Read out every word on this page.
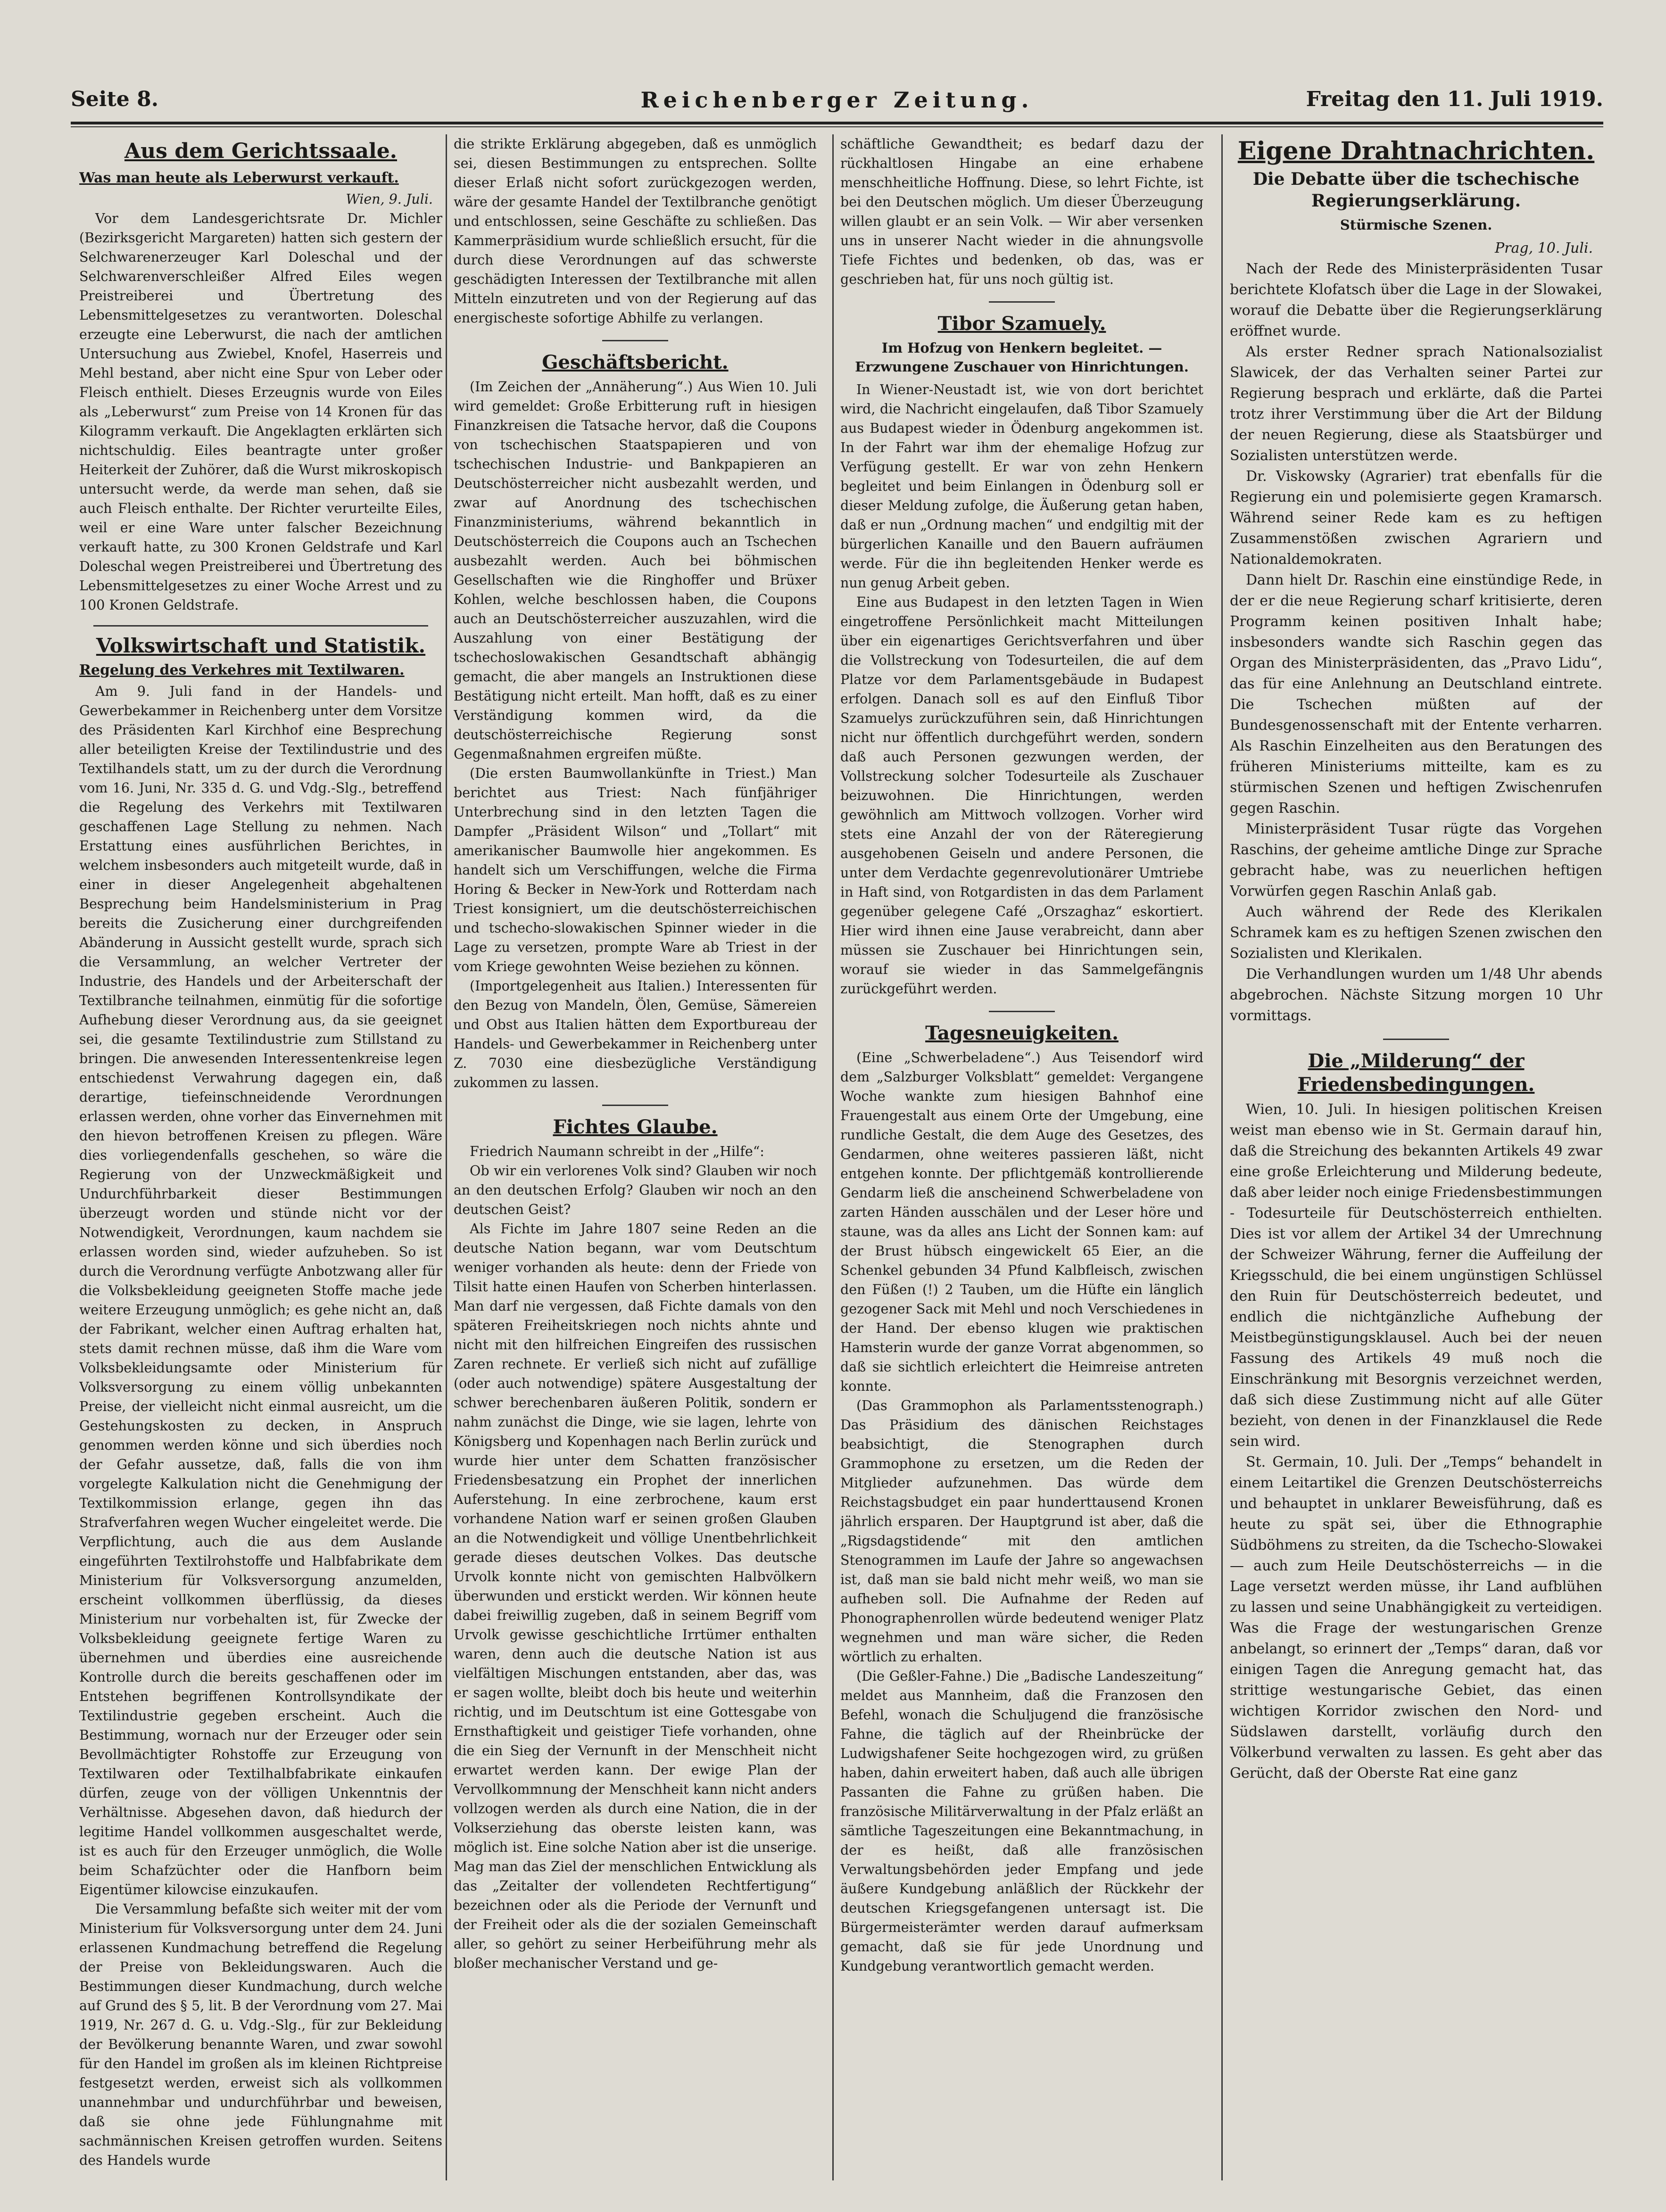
Seite 8.	Reichenberger Zeitung.	Freitag den 11. Juli 1919.
Aus dem Gerichtssaale.
Was man heute als Leberwurst verkauft.

Wien, 9. Juli.

Vor dem Landesgerichtsrate Dr. Michler (Bezirksgericht Margareten) hatten sich gestern der Selchwarenerzeuger Karl Doleschal und der Selchwarenverschleißer Alfred Eiles wegen Preistreiberei und Übertretung des Lebensmittelgesetzes zu verantworten. Doleschal erzeugte eine Leberwurst, die nach der amtlichen Untersuchung aus Zwiebel, Knofel, Haserreis und Mehl bestand, aber nicht eine Spur von Leber oder Fleisch enthielt. Dieses Erzeugnis wurde von Eiles als „Leberwurst“ zum Preise von 14 Kronen für das Kilogramm verkauft. Die Angeklagten erklärten sich nichtschuldig. Eiles beantragte unter großer Heiterkeit der Zuhörer, daß die Wurst mikroskopisch untersucht werde, da werde man sehen, daß sie auch Fleisch enthalte. Der Richter verurteilte Eiles, weil er eine Ware unter falscher Bezeichnung verkauft hatte, zu 300 Kronen Geldstrafe und Karl Doleschal wegen Preistreiberei und Übertretung des Lebensmittelgesetzes zu einer Woche Arrest und zu 100 Kronen Geldstrafe.

Volkswirtschaft und Statistik.
Regelung des Verkehres mit Textilwaren.

Am 9. Juli fand in der Handels- und Gewerbekammer in Reichenberg unter dem Vorsitze des Präsidenten Karl Kirchhof eine Besprechung aller beteiligten Kreise der Textilindustrie und des Textilhandels statt, um zu der durch die Verordnung vom 16. Juni, Nr. 335 d. G. und Vdg.-Slg., betreffend die Regelung des Verkehrs mit Textilwaren geschaffenen Lage Stellung zu nehmen. Nach Erstattung eines ausführlichen Berichtes, in welchem insbesonders auch mitgeteilt wurde, daß in einer in dieser Angelegenheit abgehaltenen Besprechung beim Handelsministerium in Prag bereits die Zusicherung einer durchgreifenden Abänderung in Aussicht gestellt wurde, sprach sich die Versammlung, an welcher Vertreter der Industrie, des Handels und der Arbeiterschaft der Textilbranche teilnahmen, einmütig für die sofortige Aufhebung dieser Verordnung aus, da sie geeignet sei, die gesamte Textilindustrie zum Stillstand zu bringen. Die anwesenden Interessentenkreise legen entschiedenst Verwahrung dagegen ein, daß derartige, tiefeinschneidende Verordnungen erlassen werden, ohne vorher das Einvernehmen mit den hievon betroffenen Kreisen zu pflegen. Wäre dies vorliegendenfalls geschehen, so wäre die Regierung von der Unzweckmäßigkeit und Undurchführbarkeit dieser Bestimmungen überzeugt worden und stünde nicht vor der Notwendigkeit, Verordnungen, kaum nachdem sie erlassen worden sind, wieder aufzuheben. So ist durch die Verordnung verfügte Anbotzwang aller für die Volksbekleidung geeigneten Stoffe mache jede weitere Erzeugung unmöglich; es gehe nicht an, daß der Fabrikant, welcher einen Auftrag erhalten hat, stets damit rechnen müsse, daß ihm die Ware vom Volksbekleidungsamte oder Ministerium für Volksversorgung zu einem völlig unbekannten Preise, der vielleicht nicht einmal ausreicht, um die Gestehungskosten zu decken, in Anspruch genommen werden könne und sich überdies noch der Gefahr aussetze, daß, falls die von ihm vorgelegte Kalkulation nicht die Genehmigung der Textilkommission erlange, gegen ihn das Strafverfahren wegen Wucher eingeleitet werde. Die Verpflichtung, auch die aus dem Auslande eingeführten Textilrohstoffe und Halbfabrikate dem Ministerium für Volksversorgung anzumelden, erscheint vollkommen überflüssig, da dieses Ministerium nur vorbehalten ist, für Zwecke der Volksbekleidung geeignete fertige Waren zu übernehmen und überdies eine ausreichende Kontrolle durch die bereits geschaffenen oder im Entstehen begriffenen Kontrollsyndikate der Textilindustrie gegeben erscheint. Auch die Bestimmung, wornach nur der Erzeuger oder sein Bevollmächtigter Rohstoffe zur Erzeugung von Textilwaren oder Textilhalbfabrikate einkaufen dürfen, zeuge von der völligen Unkenntnis der Verhältnisse. Abgesehen davon, daß hiedurch der legitime Handel vollkommen ausgeschaltet werde, ist es auch für den Erzeuger unmöglich, die Wolle beim Schafzüchter oder die Hanfborn beim Eigentümer kilowcise einzukaufen.

Die Versammlung befaßte sich weiter mit der vom Ministerium für Volksversorgung unter dem 24. Juni erlassenen Kundmachung betreffend die Regelung der Preise von Bekleidungswaren. Auch die Bestimmungen dieser Kundmachung, durch welche auf Grund des § 5, lit. B der Verordnung vom 27. Mai 1919, Nr. 267 d. G. u. Vdg.-Slg., für zur Bekleidung der Bevölkerung benannte Waren, und zwar sowohl für den Handel im großen als im kleinen Richtpreise festgesetzt werden, erweist sich als vollkommen unannehmbar und undurchführbar und beweisen, daß sie ohne jede Fühlungnahme mit sachmännischen Kreisen getroffen wurden. Seitens des Handels wurde

die strikte Erklärung abgegeben, daß es unmöglich sei, diesen Bestimmungen zu entsprechen. Sollte dieser Erlaß nicht sofort zurückgezogen werden, wäre der gesamte Handel der Textilbranche genötigt und entschlossen, seine Geschäfte zu schließen. Das Kammerpräsidium wurde schließlich ersucht, für die durch diese Verordnungen auf das schwerste geschädigten Interessen der Textilbranche mit allen Mitteln einzutreten und von der Regierung auf das energischeste sofortige Abhilfe zu verlangen.

Geschäftsbericht.

(Im Zeichen der „Annäherung“.) Aus Wien 10. Juli wird gemeldet: Große Erbitterung ruft in hiesigen Finanzkreisen die Tatsache hervor, daß die Coupons von tschechischen Staatspapieren und von tschechischen Industrie- und Bankpapieren an Deutschösterreicher nicht ausbezahlt werden, und zwar auf Anordnung des tschechischen Finanzministeriums, während bekanntlich in Deutschösterreich die Coupons auch an Tschechen ausbezahlt werden. Auch bei böhmischen Gesellschaften wie die Ringhoffer und Brüxer Kohlen, welche beschlossen haben, die Coupons auch an Deutschösterreicher auszuzahlen, wird die Auszahlung von einer Bestätigung der tschechoslowakischen Gesandtschaft abhängig gemacht, die aber mangels an Instruktionen diese Bestätigung nicht erteilt. Man hofft, daß es zu einer Verständigung kommen wird, da die deutschösterreichische Regierung sonst Gegenmaßnahmen ergreifen müßte.

(Die ersten Baumwollankünfte in Triest.) Man berichtet aus Triest: Nach fünfjähriger Unterbrechung sind in den letzten Tagen die Dampfer „Präsident Wilson“ und „Tollart“ mit amerikanischer Baumwolle hier angekommen. Es handelt sich um Verschiffungen, welche die Firma Horing & Becker in New-York und Rotterdam nach Triest konsigniert, um die deutschösterreichischen und tschecho-slowakischen Spinner wieder in die Lage zu versetzen, prompte Ware ab Triest in der vom Kriege gewohnten Weise beziehen zu können.

(Importgelegenheit aus Italien.) Interessenten für den Bezug von Mandeln, Ölen, Gemüse, Sämereien und Obst aus Italien hätten dem Exportbureau der Handels- und Gewerbekammer in Reichenberg unter Z. 7030 eine diesbezügliche Verständigung zukommen zu lassen.

Fichtes Glaube.

Friedrich Naumann schreibt in der „Hilfe“:

Ob wir ein verlorenes Volk sind? Glauben wir noch an den deutschen Erfolg? Glauben wir noch an den deutschen Geist?

Als Fichte im Jahre 1807 seine Reden an die deutsche Nation begann, war vom Deutschtum weniger vorhanden als heute: denn der Friede von Tilsit hatte einen Haufen von Scherben hinterlassen. Man darf nie vergessen, daß Fichte damals von den späteren Freiheitskriegen noch nichts ahnte und nicht mit den hilfreichen Eingreifen des russischen Zaren rechnete. Er verließ sich nicht auf zufällige (oder auch notwendige) spätere Ausgestaltung der schwer berechenbaren äußeren Politik, sondern er nahm zunächst die Dinge, wie sie lagen, lehrte von Königsberg und Kopenhagen nach Berlin zurück und wurde hier unter dem Schatten französischer Friedensbesatzung ein Prophet der innerlichen Auferstehung. In eine zerbrochene, kaum erst vorhandene Nation warf er seinen großen Glauben an die Notwendigkeit und völlige Unentbehrlichkeit gerade dieses deutschen Volkes. Das deutsche Urvolk konnte nicht von gemischten Halbvölkern überwunden und erstickt werden. Wir können heute dabei freiwillig zugeben, daß in seinem Begriff vom Urvolk gewisse geschichtliche Irrtümer enthalten waren, denn auch die deutsche Nation ist aus vielfältigen Mischungen entstanden, aber das, was er sagen wollte, bleibt doch bis heute und weiterhin richtig, und im Deutschtum ist eine Gottesgabe von Ernsthaftigkeit und geistiger Tiefe vorhanden, ohne die ein Sieg der Vernunft in der Menschheit nicht erwartet werden kann. Der ewige Plan der Vervollkommnung der Menschheit kann nicht anders vollzogen werden als durch eine Nation, die in der Volkserziehung das oberste leisten kann, was möglich ist. Eine solche Nation aber ist die unserige. Mag man das Ziel der menschlichen Entwicklung als das „Zeitalter der vollendeten Rechtfertigung“ bezeichnen oder als die Periode der Vernunft und der Freiheit oder als die der sozialen Gemeinschaft aller, so gehört zu seiner Herbeiführung mehr als bloßer mechanischer Verstand und ge-

schäftliche Gewandtheit; es bedarf dazu der rückhaltlosen Hingabe an eine erhabene menschheitliche Hoffnung. Diese, so lehrt Fichte, ist bei den Deutschen möglich. Um dieser Überzeugung willen glaubt er an sein Volk. — Wir aber versenken uns in unserer Nacht wieder in die ahnungsvolle Tiefe Fichtes und bedenken, ob das, was er geschrieben hat, für uns noch gültig ist.

Tibor Szamuely.
Im Hofzug von Henkern begleitet. — Erzwungene Zuschauer von Hinrichtungen.

In Wiener-Neustadt ist, wie von dort berichtet wird, die Nachricht eingelaufen, daß Tibor Szamuely aus Budapest wieder in Ödenburg angekommen ist. In der Fahrt war ihm der ehemalige Hofzug zur Verfügung gestellt. Er war von zehn Henkern begleitet und beim Einlangen in Ödenburg soll er dieser Meldung zufolge, die Äußerung getan haben, daß er nun „Ordnung machen“ und endgiltig mit der bürgerlichen Kanaille und den Bauern aufräumen werde. Für die ihn begleitenden Henker werde es nun genug Arbeit geben.

Eine aus Budapest in den letzten Tagen in Wien eingetroffene Persönlichkeit macht Mitteilungen über ein eigenartiges Gerichtsverfahren und über die Vollstreckung von Todesurteilen, die auf dem Platze vor dem Parlamentsgebäude in Budapest erfolgen. Danach soll es auf den Einfluß Tibor Szamuelys zurückzuführen sein, daß Hinrichtungen nicht nur öffentlich durchgeführt werden, sondern daß auch Personen gezwungen werden, der Vollstreckung solcher Todesurteile als Zuschauer beizuwohnen. Die Hinrichtungen, werden gewöhnlich am Mittwoch vollzogen. Vorher wird stets eine Anzahl der von der Räteregierung ausgehobenen Geiseln und andere Personen, die unter dem Verdachte gegenrevolutionärer Umtriebe in Haft sind, von Rotgardisten in das dem Parlament gegenüber gelegene Café „Orszaghaz“ eskortiert. Hier wird ihnen eine Jause verabreicht, dann aber müssen sie Zuschauer bei Hinrichtungen sein, worauf sie wieder in das Sammelgefängnis zurückgeführt werden.

Tagesneuigkeiten.

(Eine „Schwerbeladene“.) Aus Teisendorf wird dem „Salzburger Volksblatt“ gemeldet: Vergangene Woche wankte zum hiesigen Bahnhof eine Frauengestalt aus einem Orte der Umgebung, eine rundliche Gestalt, die dem Auge des Gesetzes, des Gendarmen, ohne weiteres passieren läßt, nicht entgehen konnte. Der pflichtgemäß kontrollierende Gendarm ließ die anscheinend Schwerbeladene von zarten Händen ausschälen und der Leser höre und staune, was da alles ans Licht der Sonnen kam: auf der Brust hübsch eingewickelt 65 Eier, an die Schenkel gebunden 34 Pfund Kalbfleisch, zwischen den Füßen (!) 2 Tauben, um die Hüfte ein länglich gezogener Sack mit Mehl und noch Verschiedenes in der Hand. Der ebenso klugen wie praktischen Hamsterin wurde der ganze Vorrat abgenommen, so daß sie sichtlich erleichtert die Heimreise antreten konnte.

(Das Grammophon als Parlamentsstenograph.) Das Präsidium des dänischen Reichstages beabsichtigt, die Stenographen durch Grammophone zu ersetzen, um die Reden der Mitglieder aufzunehmen. Das würde dem Reichstagsbudget ein paar hunderttausend Kronen jährlich ersparen. Der Hauptgrund ist aber, daß die „Rigsdagstidende“ mit den amtlichen Stenogrammen im Laufe der Jahre so angewachsen ist, daß man sie bald nicht mehr weiß, wo man sie aufheben soll. Die Aufnahme der Reden auf Phonographenrollen würde bedeutend weniger Platz wegnehmen und man wäre sicher, die Reden wörtlich zu erhalten.

(Die Geßler-Fahne.) Die „Badische Landeszeitung“ meldet aus Mannheim, daß die Franzosen den Befehl, wonach die Schuljugend die französische Fahne, die täglich auf der Rheinbrücke der Ludwigshafener Seite hochgezogen wird, zu grüßen haben, dahin erweitert haben, daß auch alle übrigen Passanten die Fahne zu grüßen haben. Die französische Militärverwaltung in der Pfalz erläßt an sämtliche Tageszeitungen eine Bekanntmachung, in der es heißt, daß alle französischen Verwaltungsbehörden jeder Empfang und jede äußere Kundgebung anläßlich der Rückkehr der deutschen Kriegsgefangenen untersagt ist. Die Bürgermeisterämter werden darauf aufmerksam gemacht, daß sie für jede Unordnung und Kundgebung verantwortlich gemacht werden.

Eigene Drahtnachrichten.
Die Debatte über die tschechische Regierungserklärung.
Stürmische Szenen.

Prag, 10. Juli.

Nach der Rede des Ministerpräsidenten Tusar berichtete Klofatsch über die Lage in der Slowakei, worauf die Debatte über die Regierungserklärung eröffnet wurde.

Als erster Redner sprach Nationalsozialist Slawicek, der das Verhalten seiner Partei zur Regierung besprach und erklärte, daß die Partei trotz ihrer Verstimmung über die Art der Bildung der neuen Regierung, diese als Staatsbürger und Sozialisten unterstützen werde.

Dr. Viskowsky (Agrarier) trat ebenfalls für die Regierung ein und polemisierte gegen Kramarsch. Während seiner Rede kam es zu heftigen Zusammenstößen zwischen Agrariern und Nationaldemokraten.

Dann hielt Dr. Raschin eine einstündige Rede, in der er die neue Regierung scharf kritisierte, deren Programm keinen positiven Inhalt habe; insbesonders wandte sich Raschin gegen das Organ des Ministerpräsidenten, das „Pravo Lidu“, das für eine Anlehnung an Deutschland eintrete. Die Tschechen müßten auf der Bundesgenossenschaft mit der Entente verharren. Als Raschin Einzelheiten aus den Beratungen des früheren Ministeriums mitteilte, kam es zu stürmischen Szenen und heftigen Zwischenrufen gegen Raschin.

Ministerpräsident Tusar rügte das Vorgehen Raschins, der geheime amtliche Dinge zur Sprache gebracht habe, was zu neuerlichen heftigen Vorwürfen gegen Raschin Anlaß gab.

Auch während der Rede des Klerikalen Schramek kam es zu heftigen Szenen zwischen den Sozialisten und Klerikalen.

Die Verhandlungen wurden um 1/48 Uhr abends abgebrochen. Nächste Sitzung morgen 10 Uhr vormittags.

Die „Milderung“ der Friedensbedingungen.

Wien, 10. Juli. In hiesigen politischen Kreisen weist man ebenso wie in St. Germain darauf hin, daß die Streichung des bekannten Artikels 49 zwar eine große Erleichterung und Milderung bedeute, daß aber leider noch einige Friedensbestimmungen - Todesurteile für Deutschösterreich enthielten. Dies ist vor allem der Artikel 34 der Umrechnung der Schweizer Währung, ferner die Auffeilung der Kriegsschuld, die bei einem ungünstigen Schlüssel den Ruin für Deutschösterreich bedeutet, und endlich die nichtgänzliche Aufhebung der Meistbegünstigungsklausel. Auch bei der neuen Fassung des Artikels 49 muß noch die Einschränkung mit Besorgnis verzeichnet werden, daß sich diese Zustimmung nicht auf alle Güter bezieht, von denen in der Finanzklausel die Rede sein wird.

St. Germain, 10. Juli. Der „Temps“ behandelt in einem Leitartikel die Grenzen Deutschösterreichs und behauptet in unklarer Beweisführung, daß es heute zu spät sei, über die Ethnographie Südböhmens zu streiten, da die Tschecho-Slowakei — auch zum Heile Deutschösterreichs — in die Lage versetzt werden müsse, ihr Land aufblühen zu lassen und seine Unabhängigkeit zu verteidigen. Was die Frage der westungarischen Grenze anbelangt, so erinnert der „Temps“ daran, daß vor einigen Tagen die Anregung gemacht hat, das strittige westungarische Gebiet, das einen wichtigen Korridor zwischen den Nord- und Südslawen darstellt, vorläufig durch den Völkerbund verwalten zu lassen. Es geht aber das Gerücht, daß der Oberste Rat eine ganz
